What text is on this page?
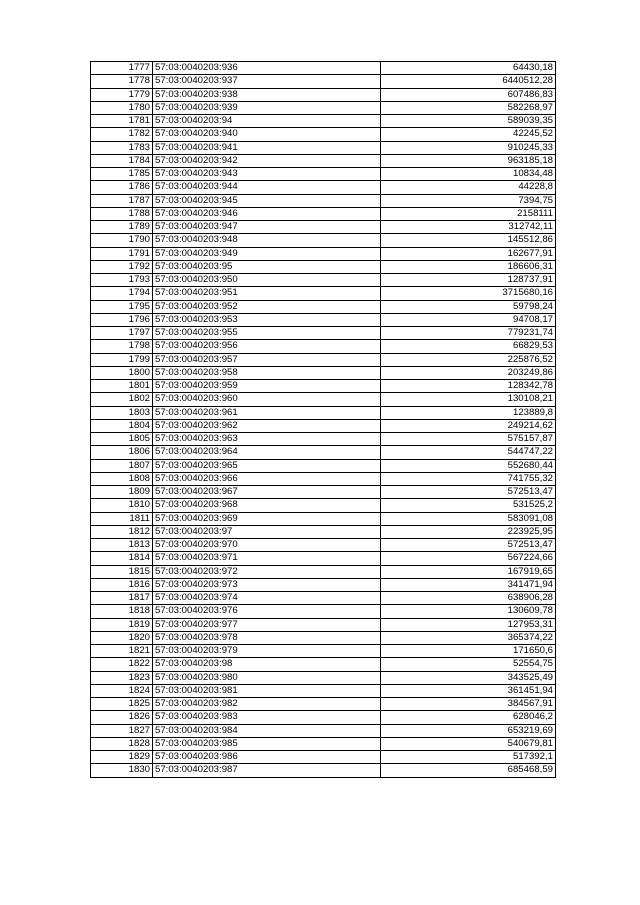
1777	57:03:0040203:936	64430,18
1778	57:03:0040203:937	6440512,28
1779	57:03:0040203:938	607486,83
1780	57:03:0040203:939	582268,97
1781	57:03:0040203:94	589039,35
1782	57:03:0040203:940	42245,52
1783	57:03:0040203:941	910245,33
1784	57:03:0040203:942	963185,18
1785	57:03:0040203:943	10834,48
1786	57:03:0040203:944	44228,8
1787	57:03:0040203:945	7394,75
1788	57:03:0040203:946	2158111
1789	57:03:0040203:947	312742,11
1790	57:03:0040203:948	145512,86
1791	57:03:0040203:949	162677,91
1792	57:03:0040203:95	186606,31
1793	57:03:0040203:950	128737,91
1794	57:03:0040203:951	3715680,16
1795	57:03:0040203:952	59798,24
1796	57:03:0040203:953	94708,17
1797	57:03:0040203:955	779231,74
1798	57:03:0040203:956	66829,53
1799	57:03:0040203:957	225876,52
1800	57:03:0040203:958	203249,86
1801	57:03:0040203:959	128342,78
1802	57:03:0040203:960	130108,21
1803	57:03:0040203:961	123889,8
1804	57:03:0040203:962	249214,62
1805	57:03:0040203:963	575157,87
1806	57:03:0040203:964	544747,22
1807	57:03:0040203:965	552680,44
1808	57:03:0040203:966	741755,32
1809	57:03:0040203:967	572513,47
1810	57:03:0040203:968	531525,2
1811	57:03:0040203:969	583091,08
1812	57:03:0040203:97	223925,95
1813	57:03:0040203:970	572513,47
1814	57:03:0040203:971	567224,66
1815	57:03:0040203:972	167919,65
1816	57:03:0040203:973	341471,94
1817	57:03:0040203:974	638906,28
1818	57:03:0040203:976	130609,78
1819	57:03:0040203:977	127953,31
1820	57:03:0040203:978	365374,22
1821	57:03:0040203:979	171650,6
1822	57:03:0040203:98	52554,75
1823	57:03:0040203:980	343525,49
1824	57:03:0040203:981	361451,94
1825	57:03:0040203:982	384567,91
1826	57:03:0040203:983	628046,2
1827	57:03:0040203:984	653219,69
1828	57:03:0040203:985	540679,81
1829	57:03:0040203:986	517392,1
1830	57:03:0040203:987	685468,59
